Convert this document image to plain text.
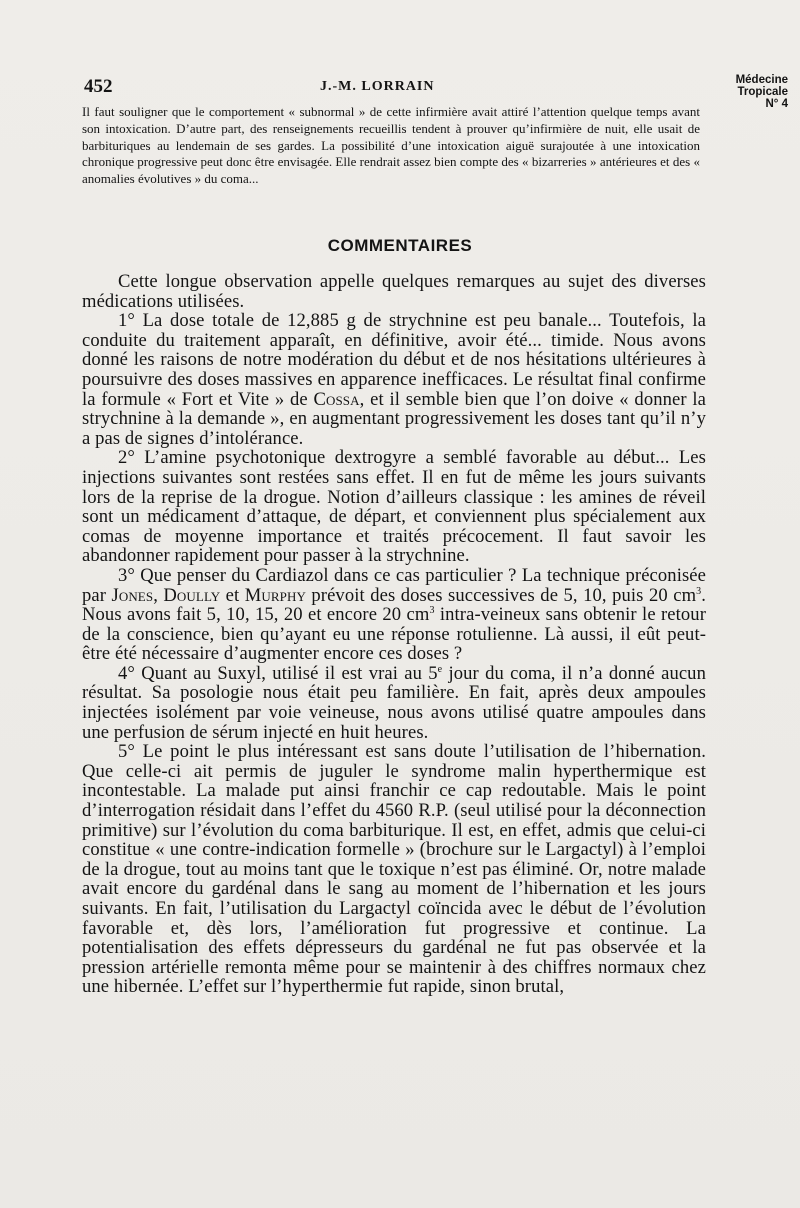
452	J.-M. LORRAIN	Médecine
Tropicale
N° 4

Il faut souligner que le comportement « subnormal » de cette infirmière avait attiré l’attention quelque temps avant son intoxication. D’autre part, des renseignements recueillis tendent à prouver qu’infirmière de nuit, elle usait de barbituriques au lendemain de ses gardes. La possibilité d’une intoxication aiguë surajoutée à une intoxication chronique progressive peut donc être envisagée. Elle rendrait assez bien compte des « bizarreries » antérieures et des « anomalies évolutives » du coma...

COMMENTAIRES

Cette longue observation appelle quelques remarques au sujet des diverses médications utilisées.

1° La dose totale de 12,885 g de strychnine est peu banale... Toutefois, la conduite du traitement apparaît, en définitive, avoir été... timide. Nous avons donné les raisons de notre modération du début et de nos hésitations ultérieures à poursuivre des doses massives en apparence inefficaces. Le résultat final confirme la formule « Fort et Vite » de Cossa, et il semble bien que l’on doive « donner la strychnine à la demande », en augmentant progressivement les doses tant qu’il n’y a pas de signes d’intolérance.

2° L’amine psychotonique dextrogyre a semblé favorable au début... Les injections suivantes sont restées sans effet. Il en fut de même les jours suivants lors de la reprise de la drogue. Notion d’ailleurs classique : les amines de réveil sont un médicament d’attaque, de départ, et conviennent plus spécialement aux comas de moyenne importance et traités précocement. Il faut savoir les abandonner rapidement pour passer à la strychnine.

3° Que penser du Cardiazol dans ce cas particulier ? La technique préconisée par Jones, Doully et Murphy prévoit des doses successives de 5, 10, puis 20 $cm^3$. Nous avons fait 5, 10, 15, 20 et encore 20 $cm^3$ intra-veineux sans obtenir le retour de la conscience, bien qu’ayant eu une réponse rotulienne. Là aussi, il eût peut-être été nécessaire d’augmenter encore ces doses ?

4° Quant au Suxyl, utilisé il est vrai au 5e jour du coma, il n’a donné aucun résultat. Sa posologie nous était peu familière. En fait, après deux ampoules injectées isolément par voie veineuse, nous avons utilisé quatre ampoules dans une perfusion de sérum injecté en huit heures.

5° Le point le plus intéressant est sans doute l’utilisation de l’hibernation. Que celle-ci ait permis de juguler le syndrome malin hyperthermique est incontestable. La malade put ainsi franchir ce cap redoutable. Mais le point d’interrogation résidait dans l’effet du 4560 R.P. (seul utilisé pour la déconnection primitive) sur l’évolution du coma barbiturique. Il est, en effet, admis que celui-ci constitue « une contre-indication formelle » (brochure sur le Largactyl) à l’emploi de la drogue, tout au moins tant que le toxique n’est pas éliminé. Or, notre malade avait encore du gardénal dans le sang au moment de l’hibernation et les jours suivants. En fait, l’utilisation du Largactyl coïncida avec le début de l’évolution favorable et, dès lors, l’amélioration fut progressive et continue. La potentialisation des effets dépresseurs du gardénal ne fut pas observée et la pression artérielle remonta même pour se maintenir à des chiffres normaux chez une hibernée. L’effet sur l’hyperthermie fut rapide, sinon brutal,
